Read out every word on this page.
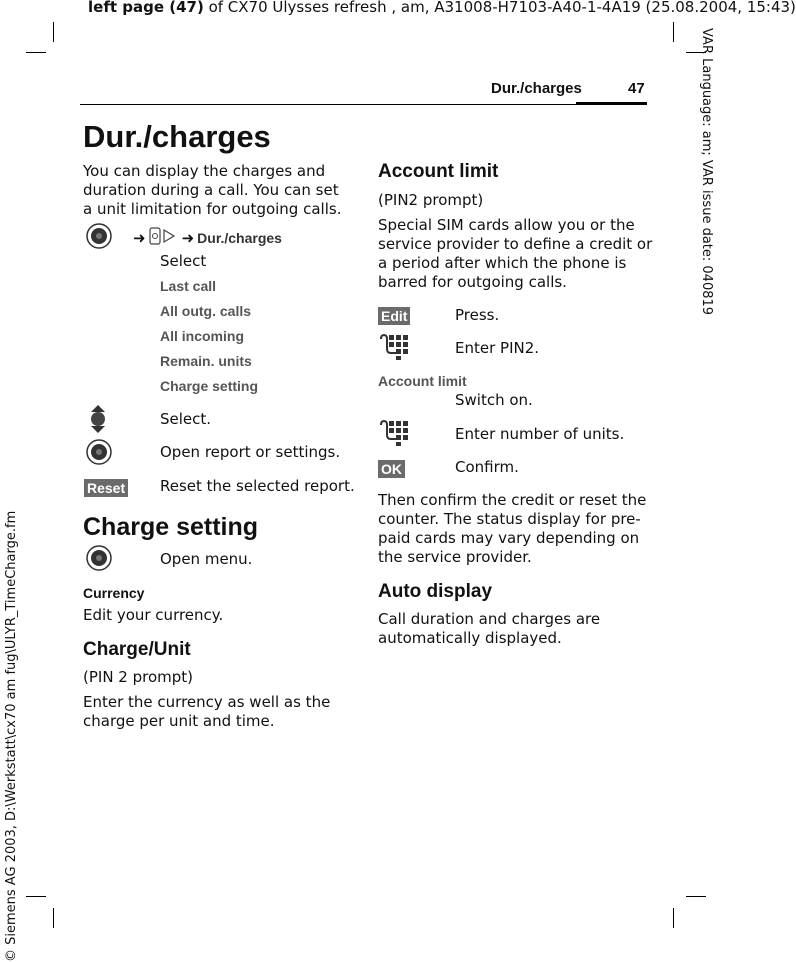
left page (47) of CX70 Ulysses refresh , am, A31008-H7103-A40-1-4A19 (25.08.2004, 15:43)
VAR Language: am; VAR issue date: 040819
© Siemens AG 2003, D:\Werkstatt\cx70 am fug\ULYR_TimeCharge.fm
Dur./charges	47
Dur./charges
You can display the charges and
duration during a call. You can set
a unit limitation for outgoing calls.
➜ ➜ Dur./charges
Select
Last call
All outg. calls
All incoming
Remain. units
Charge setting
Select.
Open report or settings.
Reset Reset the selected report.
Charge setting
Open menu.
Currency
Edit your currency.
Charge/Unit
(PIN 2 prompt)
Enter the currency as well as the
charge per unit and time.
Account limit
(PIN2 prompt)
Special SIM cards allow you or the
service provider to define a credit or
a period after which the phone is
barred for outgoing calls.
Edit	Press.
Enter PIN2.
Account limit
Switch on.
Enter number of units.
OK	Confirm.
Then confirm the credit or reset the
counter. The status display for pre-
paid cards may vary depending on
the service provider.
Auto display
Call duration and charges are
automatically displayed.
